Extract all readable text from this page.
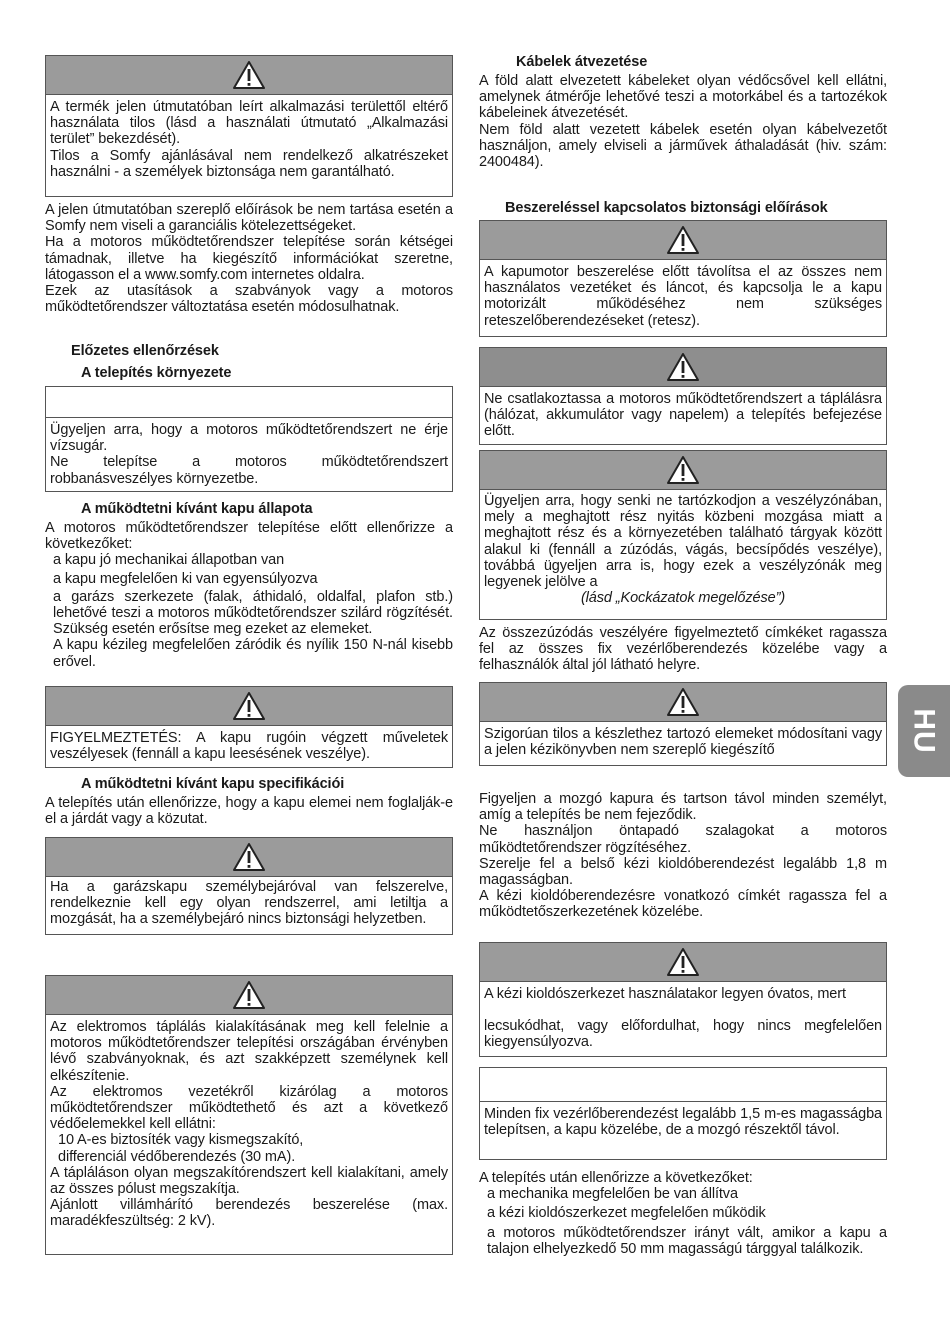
A termék jelen útmutatóban leírt alkalmazási területtől eltérő használata tilos (lásd a használati útmutató „Alkalmazási terület” bekezdését).

Tilos a Somfy ajánlásával nem rendelkező alkatrészeket használni - a személyek biztonsága nem garantálható.

A jelen útmutatóban szereplő előírások be nem tartása esetén a Somfy nem viseli a garanciális kötelezettségeket.

Ha a motoros működtetőrendszer telepítése során kétségei támadnak, illetve ha kiegészítő információkat szeretne, látogasson el a www.somfy.com internetes oldalra.

Ezek az utasítások a szabványok vagy a motoros működtetőrendszer változtatása esetén módosulhatnak.

Előzetes ellenőrzések
A telepítés környezete

Ügyeljen arra, hogy a motoros működtetőrendszert ne érje vízsugár.

Ne telepítse a motoros működtetőrendszert robbanásveszélyes környezetbe.

A működtetni kívánt kapu állapota

A motoros működtetőrendszer telepítése előtt ellenőrizze a következőket:

a kapu jó mechanikai állapotban van

a kapu megfelelően ki van egyensúlyozva

a garázs szerkezete (falak, áthidaló, oldalfal, plafon stb.) lehetővé teszi a motoros működtetőrendszer szilárd rögzítését. Szükség esetén erősítse meg ezeket az elemeket.

A kapu kézileg megfelelően záródik és nyílik 150 N-nál kisebb erővel.

FIGYELMEZTETÉS: A kapu rugóin végzett műveletek veszélyesek (fennáll a kapu leesésének veszélye).

A működtetni kívánt kapu specifikációi
A telepítés után ellenőrizze, hogy a kapu elemei nem foglalják-e el a járdát vagy a közutat.

Ha a garázskapu személybejáróval van felszerelve, rendelkeznie kell egy olyan rendszerrel, ami letiltja a mozgását, ha a személybejáró nincs biztonsági helyzetben.

Az elektromos táplálás kialakításának meg kell felelnie a motoros működtetőrendszer telepítési országában érvényben lévő szabványoknak, és azt szakképzett személynek kell elkészítenie.

Az elektromos vezetékről kizárólag a motoros működtetőrendszer működtethető és azt a következő védőelemekkel kell ellátni:

10 A-es biztosíték vagy kismegszakító,

differenciál védőberendezés (30 mA).

A tápláláson olyan megszakítórendszert kell kialakítani, amely az összes pólust megszakítja.

Ajánlott villámhárító berendezés beszerelése (max. maradékfeszültség: 2 kV).

Kábelek átvezetése

A föld alatt elvezetett kábeleket olyan védőcsővel kell ellátni, amelynek átmérője lehetővé teszi a motorkábel és a tartozékok kábeleinek átvezetését.

Nem föld alatt vezetett kábelek esetén olyan kábelvezetőt használjon, amely elviseli a járművek áthaladását (hiv. szám: 2400484).

Beszereléssel kapcsolatos biztonsági előírások

A kapumotor beszerelése előtt távolítsa el az összes nem használatos vezetéket és láncot, és kapcsolja le a kapu motorizált működéséhez nem szükséges reteszelőberendezéseket (retesz).

Ne csatlakoztassa a motoros működtetőrendszert a táplálásra (hálózat, akkumulátor vagy napelem) a telepítés befejezése előtt.

Ügyeljen arra, hogy senki ne tartózkodjon a veszélyzónában, mely a meghajtott rész nyitás közbeni mozgása miatt a meghajtott rész és a környezetében található tárgyak között alakul ki (fennáll a zúzódás, vágás, becsípődés veszélye), továbbá ügyeljen arra is, hogy ezek a veszélyzónák meg legyenek jelölve a

(lásd „Kockázatok megelőzése”)

Az összezúzódás veszélyére figyelmeztető címkéket ragassza fel az összes fix vezérlőberendezés közelébe vagy a felhasználók által jól látható helyre.

Szigorúan tilos a készlethez tartozó elemeket módosítani vagy a jelen kézikönyvben nem szereplő kiegészítő

Figyeljen a mozgó kapura és tartson távol minden személyt, amíg a telepítés be nem fejeződik.

Ne használjon öntapadó szalagokat a motoros működtetőrendszer rögzítéséhez.

Szerelje fel a belső kézi kioldóberendezést legalább 1,8 m magasságban.

A kézi kioldóberendezésre vonatkozó címkét ragassza fel a működtetőszerkezetének közelébe.

A kézi kioldószerkezet használatakor legyen óvatos, mert

lecsukódhat, vagy előfordulhat, hogy nincs megfelelően kiegyensúlyozva.

Minden fix vezérlőberendezést legalább 1,5 m-es magasságba telepítsen, a kapu közelébe, de a mozgó részektől távol.

A telepítés után ellenőrizze a következőket:

a mechanika megfelelően be van állítva

a kézi kioldószerkezet megfelelően működik

a motoros működtetőrendszer irányt vált, amikor a kapu a talajon elhelyezkedő 50 mm magasságú tárggyal találkozik.

HU
